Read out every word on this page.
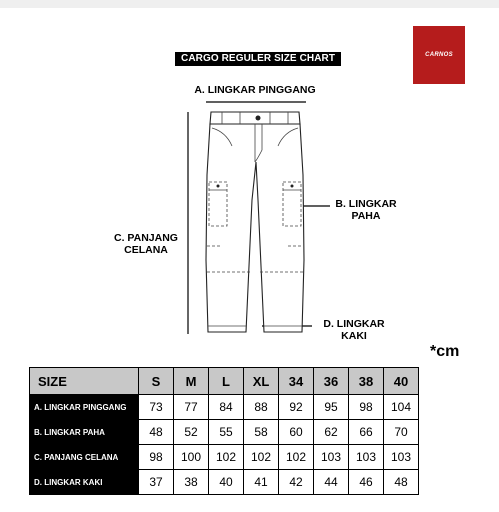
CARGO REGULER SIZE CHART	CARNOS
A. LINGKAR PINGGANG
B. LINGKAR
PAHA
C. PANJANG
CELANA
D. LINGKAR
KAKI
*cm
SIZE	S	M	L	XL	34	36	38	40
A. LINGKAR PINGGANG	73	77	84	88	92	95	98	104
B. LINGKAR PAHA	48	52	55	58	60	62	66	70
C. PANJANG CELANA	98	100	102	102	102	103	103	103
D. LINGKAR KAKI	37	38	40	41	42	44	46	48
